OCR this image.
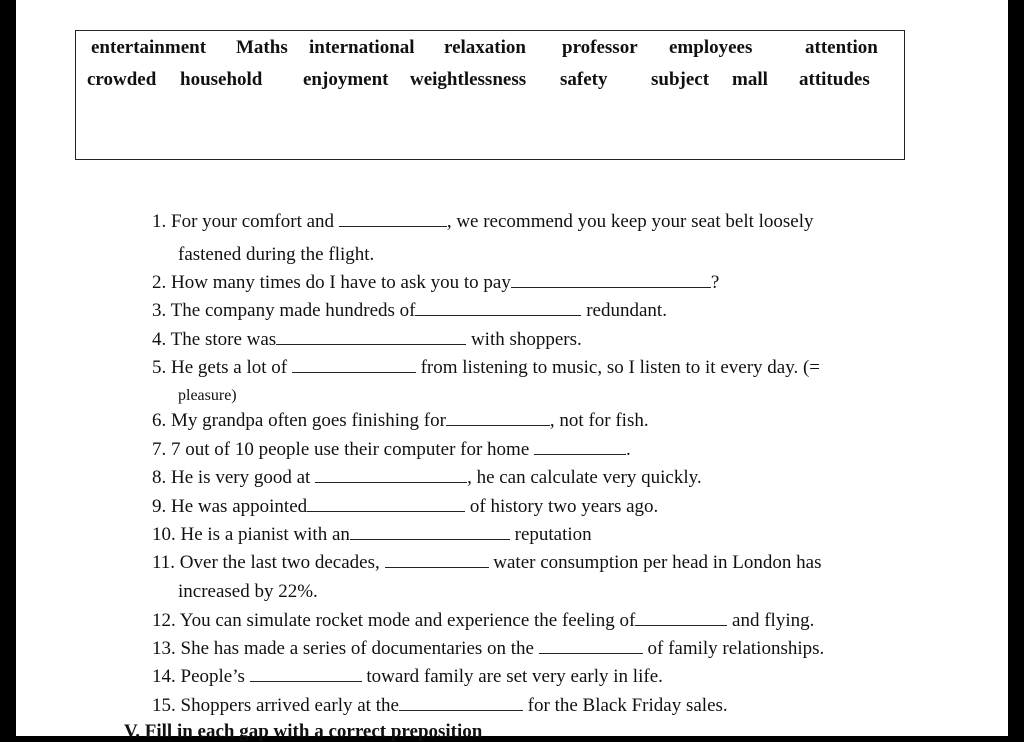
entertainment Maths international relaxation professor employees	attention
crowded household enjoyment weightlessness safety subject mall attitudes
1. For your comfort and	, we recommend you keep your seat belt loosely
fastened during the flight.
2. How many times do I have to ask you to pay	?
3. The company made hundreds of	redundant.
4. The store was	with shoppers.
5. He gets a lot of	from listening to music, so I listen to it every day. (=
pleasure)
6. My grandpa often goes finishing for	, not for fish.
7. 7 out of 10 people use their computer for home	.
8. He is very good at	, he can calculate very quickly.
9. He was appointed	of history two years ago.
10. He is a pianist with an	reputation
11. Over the last two decades,	water consumption per head in London has
increased by 22%.
12. You can simulate rocket mode and experience the feeling of	and flying.
13. She has made a series of documentaries on the	of family relationships.
14. People’s	toward family are set very early in life.
15. Shoppers arrived early at the	for the Black Friday sales.
V. Fill in each gap with a correct preposition
